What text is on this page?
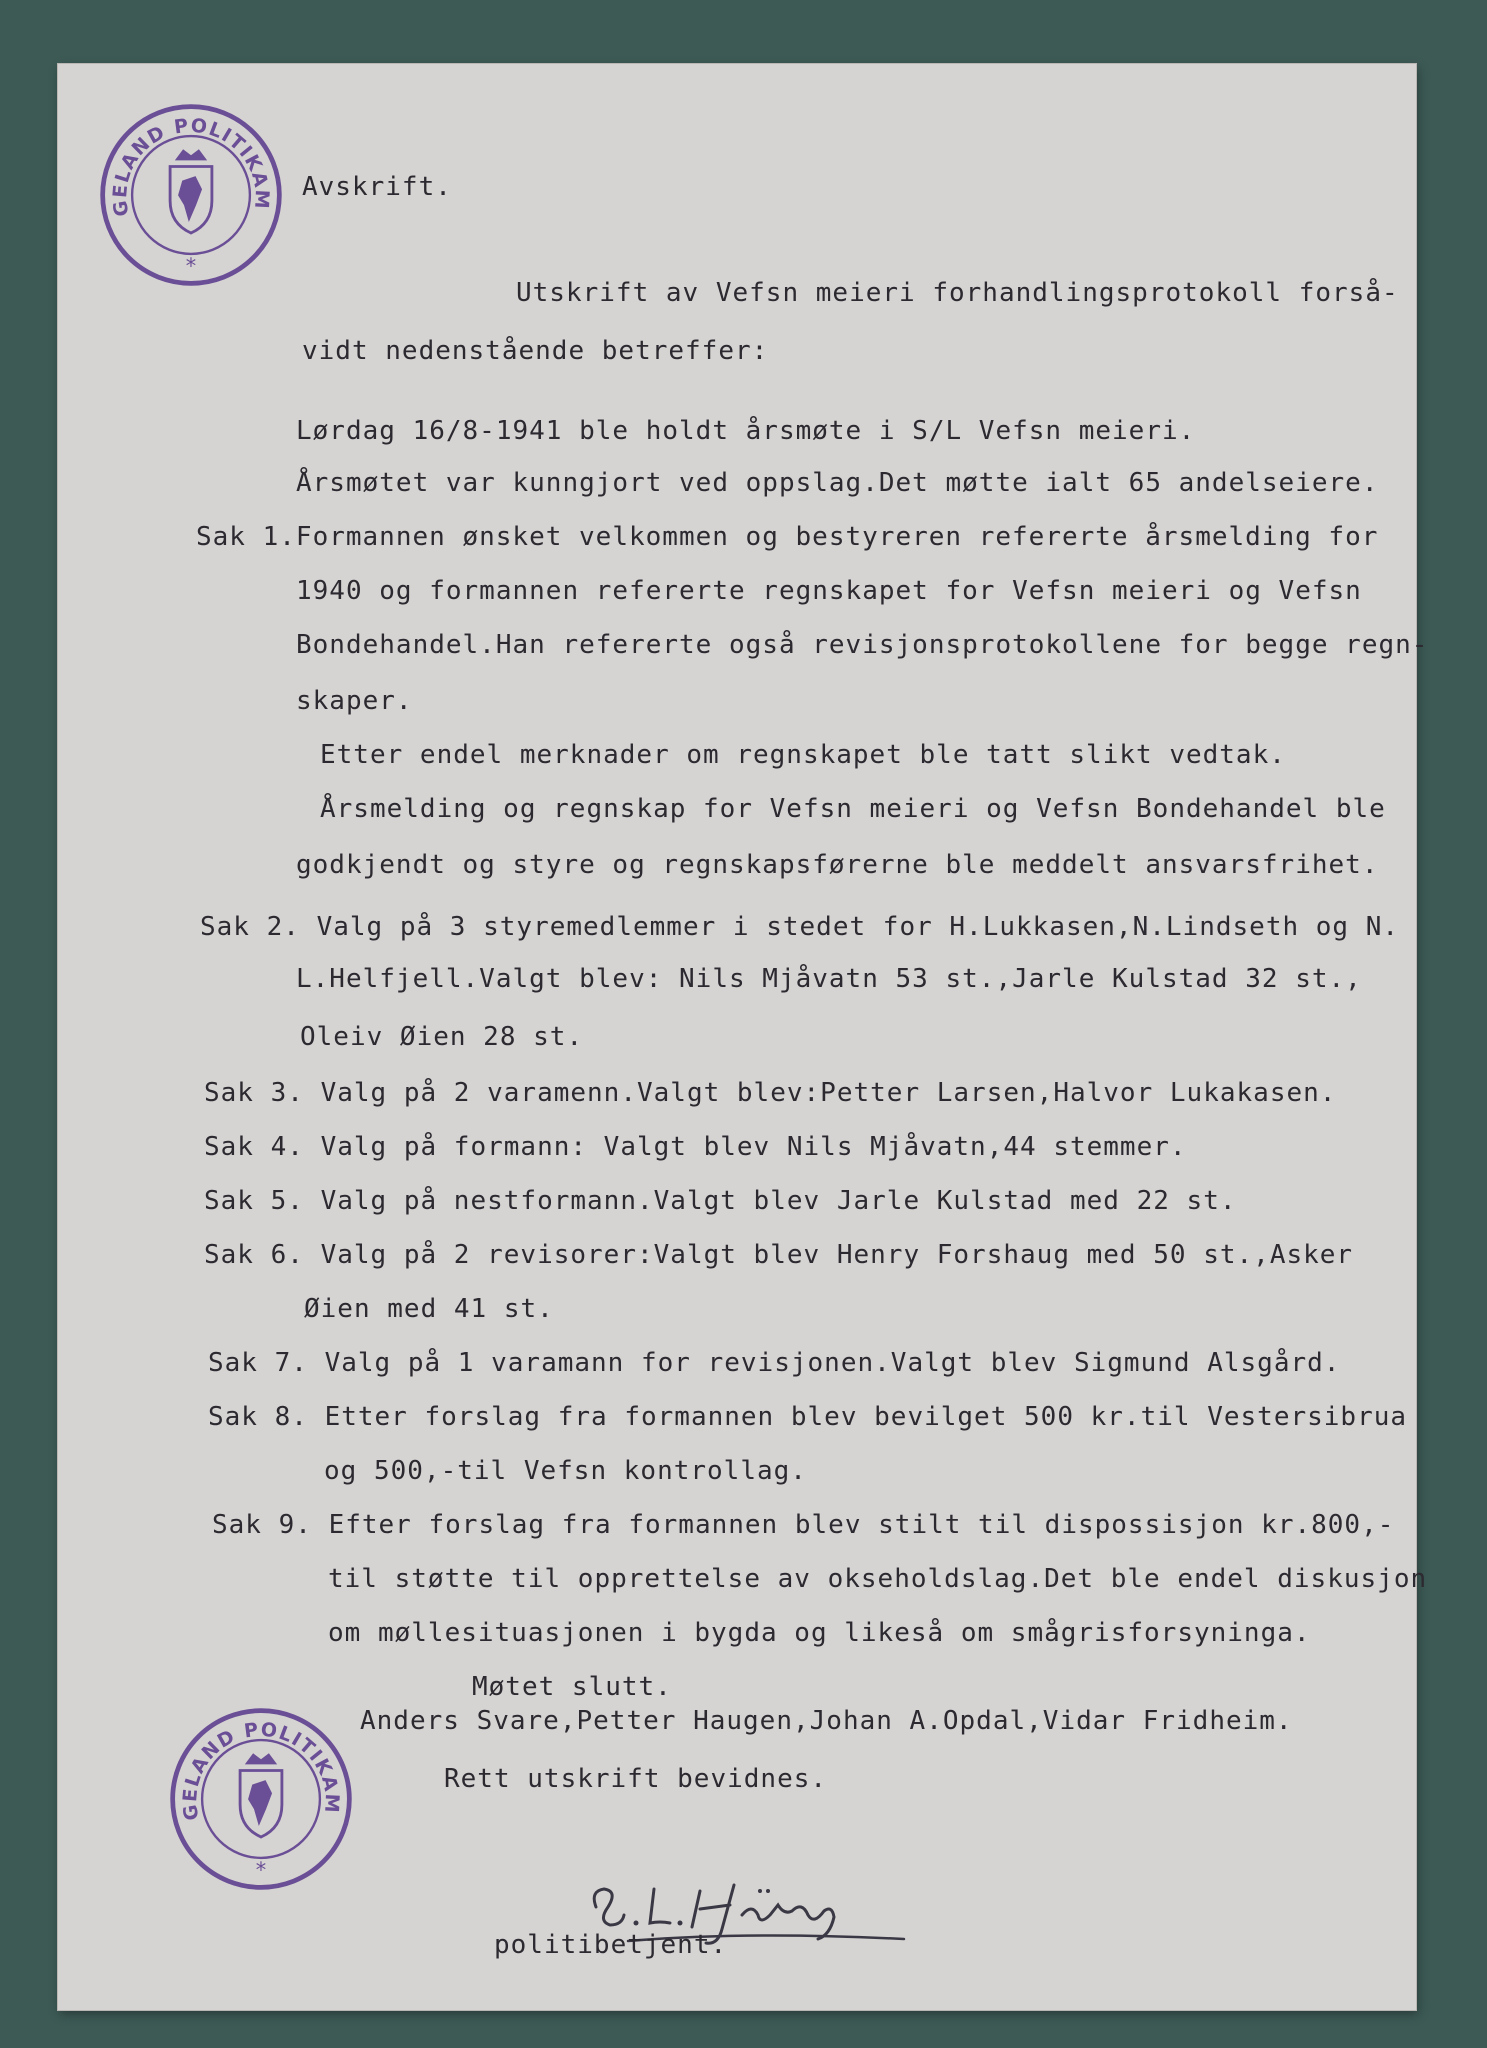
GELAND POLITIKAM
*
GELAND POLITIKAM
*
Avskrift.
Utskrift av Vefsn meieri forhandlingsprotokoll forså-
vidt nedenstående betreffer:
Lørdag 16/8-1941 ble holdt årsmøte i S/L Vefsn meieri.
Årsmøtet var kunngjort ved oppslag.Det møtte ialt 65 andelseiere.
Sak 1.Formannen ønsket velkommen og bestyreren refererte årsmelding for
1940 og formannen refererte regnskapet for Vefsn meieri og Vefsn
Bondehandel.Han refererte også revisjonsprotokollene for begge regn-
skaper.
Etter endel merknader om regnskapet ble tatt slikt vedtak.
Årsmelding og regnskap for Vefsn meieri og Vefsn Bondehandel ble
godkjendt og styre og regnskapsførerne ble meddelt ansvarsfrihet.
Sak 2. Valg på 3 styremedlemmer i stedet for H.Lukkasen,N.Lindseth og N.
L.Helfjell.Valgt blev: Nils Mjåvatn 53 st.,Jarle Kulstad 32 st.,
Oleiv Øien 28 st.
Sak 3. Valg på 2 varamenn.Valgt blev:Petter Larsen,Halvor Lukakasen.
Sak 4. Valg på formann: Valgt blev Nils Mjåvatn,44 stemmer.
Sak 5. Valg på nestformann.Valgt blev Jarle Kulstad med 22 st.
Sak 6. Valg på 2 revisorer:Valgt blev Henry Forshaug med 50 st.,Asker
Øien med 41 st.
Sak 7. Valg på 1 varamann for revisjonen.Valgt blev Sigmund Alsgård.
Sak 8. Etter forslag fra formannen blev bevilget 500 kr.til Vestersibrua
og 500,-til Vefsn kontrollag.
Sak 9. Efter forslag fra formannen blev stilt til dispossisjon kr.800,-
til støtte til opprettelse av okseholdslag.Det ble endel diskusjon
om møllesituasjonen i bygda og likeså om smågrisforsyninga.
Møtet slutt.
Anders Svare,Petter Haugen,Johan A.Opdal,Vidar Fridheim.
Rett utskrift bevidnes.
politibetjent.
